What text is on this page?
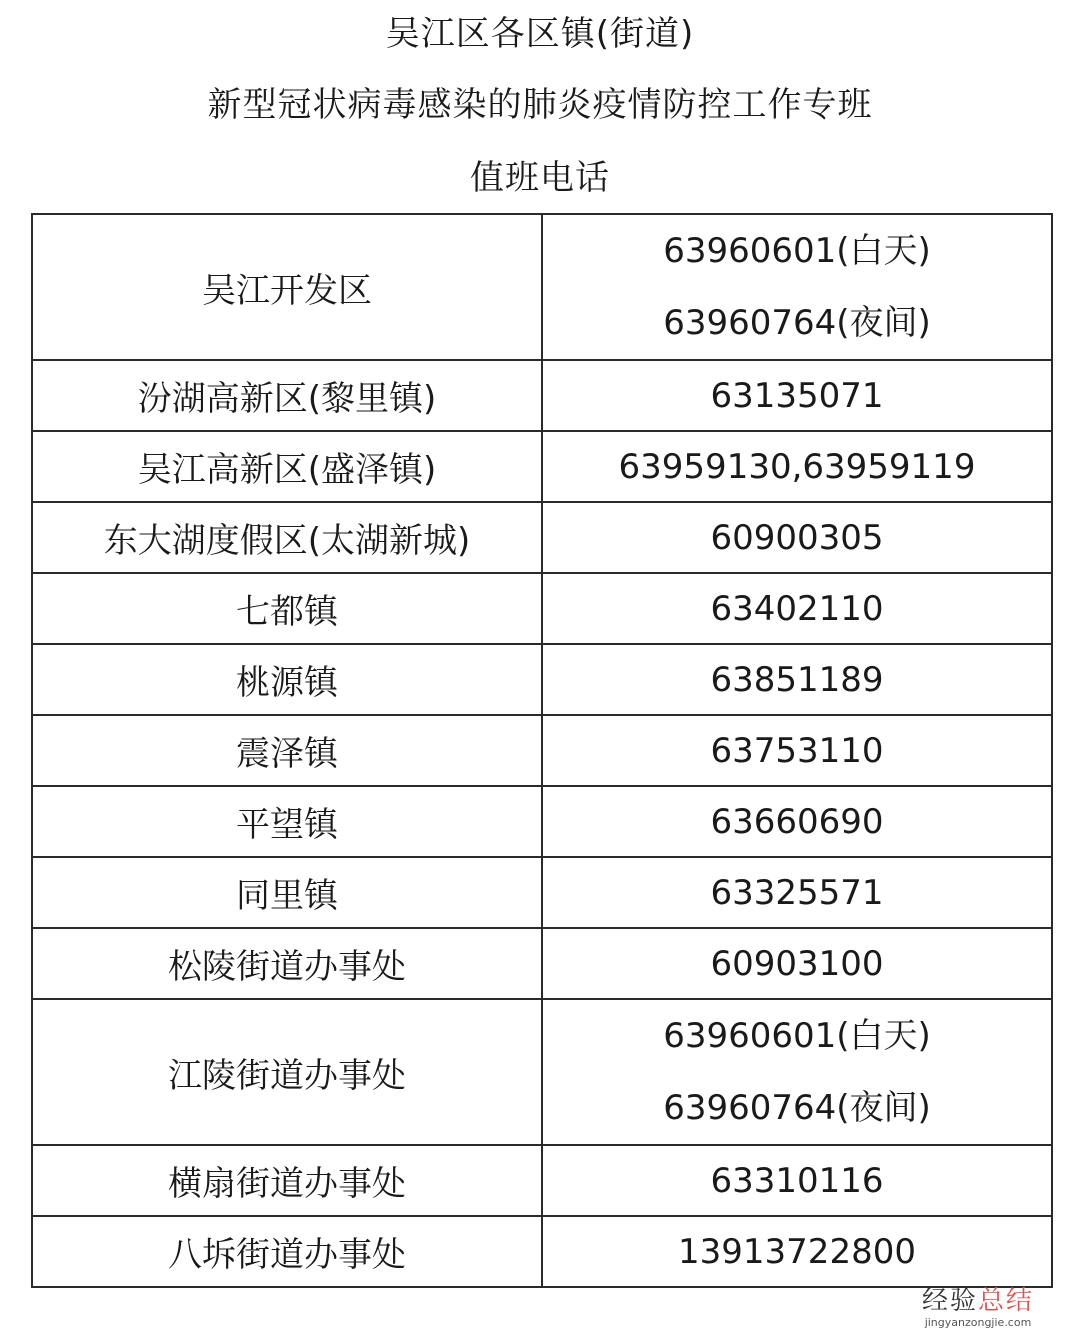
吴江区各区镇(街道)
新型冠状病毒感染的肺炎疫情防控工作专班
值班电话
吴江开发区	63960601(白天)
63960764(夜间)

汾湖高新区(黎里镇)	63135071
吴江高新区(盛泽镇)	63959130,63959119
东大湖度假区(太湖新城)	60900305
七都镇	63402110
桃源镇	63851189
震泽镇	63753110
平望镇	63660690
同里镇	63325571
松陵街道办事处	60903100
江陵街道办事处	63960601(白天)
63960764(夜间)

横扇街道办事处	63310116
八坼街道办事处	13913722800
经验总结
jingyanzongjie.com
